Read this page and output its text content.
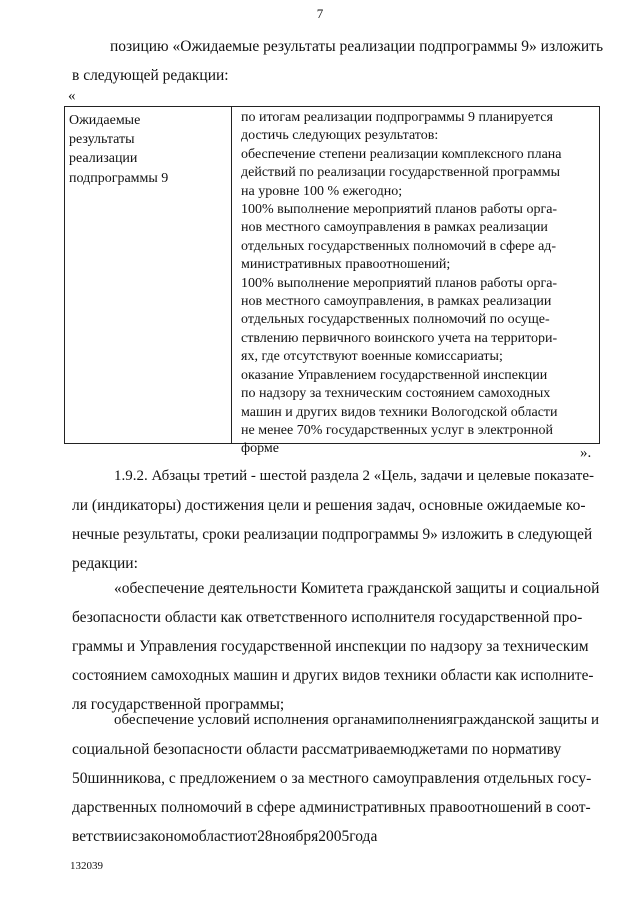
7
позицию «Ожидаемые результаты реализации подпрограммы 9» изложить
в следующей редакции:
«
Ожидаемые
результаты
реализации
подпрограммы 9
по итогам реализации подпрограммы 9 планируется
достичь следующих результатов:
обеспечение степени реализации комплексного плана
действий по реализации государственной программы
на уровне 100 % ежегодно;
100% выполнение мероприятий планов работы орга-
нов местного самоуправления в рамках реализации
отдельных государственных полномочий в сфере ад-
министративных правоотношений;
100% выполнение мероприятий планов работы орга-
нов местного самоуправления, в рамках реализации
отдельных государственных полномочий по осуще-
ствлению первичного воинского учета на территори-
ях, где отсутствуют военные комиссариаты;
оказание Управлением государственной инспекции
по надзору за техническим состоянием самоходных
машин и других видов техники Вологодской области
не менее 70% государственных услуг в электронной
форме	».
1.9.2. Абзацы третий - шестой раздела 2 «Цель, задачи и целевые показате-
ли (индикаторы) достижения цели и решения задач, основные ожидаемые ко-
нечные результаты, сроки реализации подпрограммы 9» изложить в следующей
редакции:
«обеспечение деятельности Комитета гражданской защиты и социальной
безопасности области как ответственного исполнителя государственной про-
граммы и Управления государственной инспекции по надзору за техническим
состоянием самоходных машин и других видов техники области как исполните-
ля государственной программы;
обеспечение условий исполнения органамиполнениягражданской защиты и
социальной безопасности области рассматриваемюджетами по нормативу
50шинникова, с предложением о за местного самоуправления отдельных госу-
дарственных полномочий в сфере административных правоотношений в соот-
ветствиисзакономобластиот28ноября2005года
132039
